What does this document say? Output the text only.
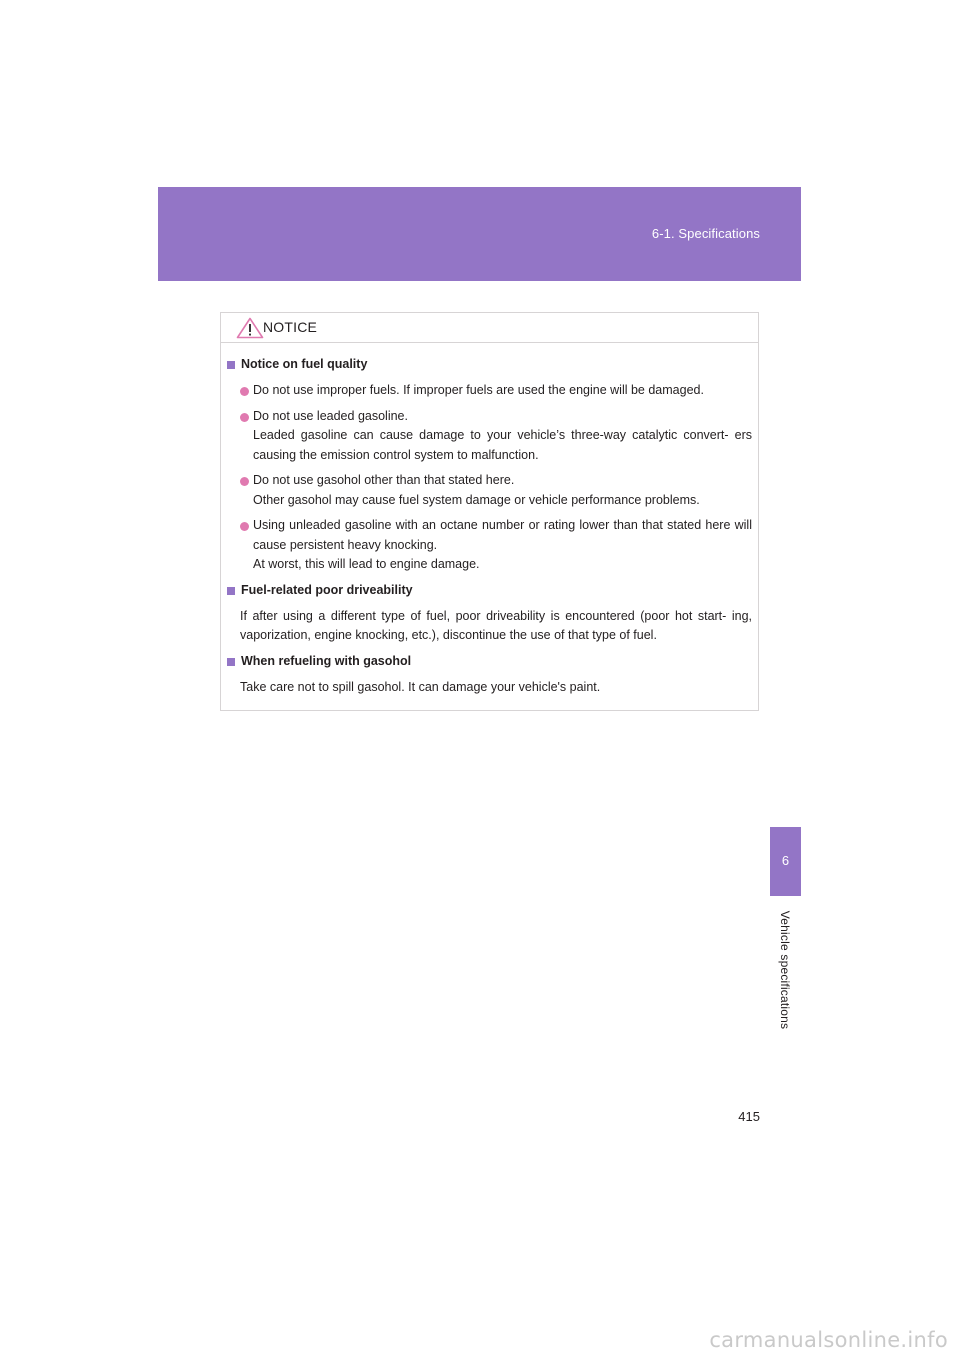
6-1. Specifications
6
Vehicle specifications
NOTICE
Notice on fuel quality

Do not use improper fuels. If improper fuels are used the engine will be damaged.

Do not use leaded gasoline.

Leaded gasoline can cause damage to your vehicle’s three-way catalytic convert- ers causing the emission control system to malfunction.

Do not use gasohol other than that stated here.

Other gasohol may cause fuel system damage or vehicle performance problems.

Using unleaded gasoline with an octane number or rating lower than that stated here will cause persistent heavy knocking.

At worst, this will lead to engine damage.

Fuel-related poor driveability

If after using a different type of fuel, poor driveability is encountered (poor hot start- ing, vaporization, engine knocking, etc.), discontinue the use of that type of fuel.

When refueling with gasohol

Take care not to spill gasohol. It can damage your vehicle's paint.

415
carmanualsonline.info
